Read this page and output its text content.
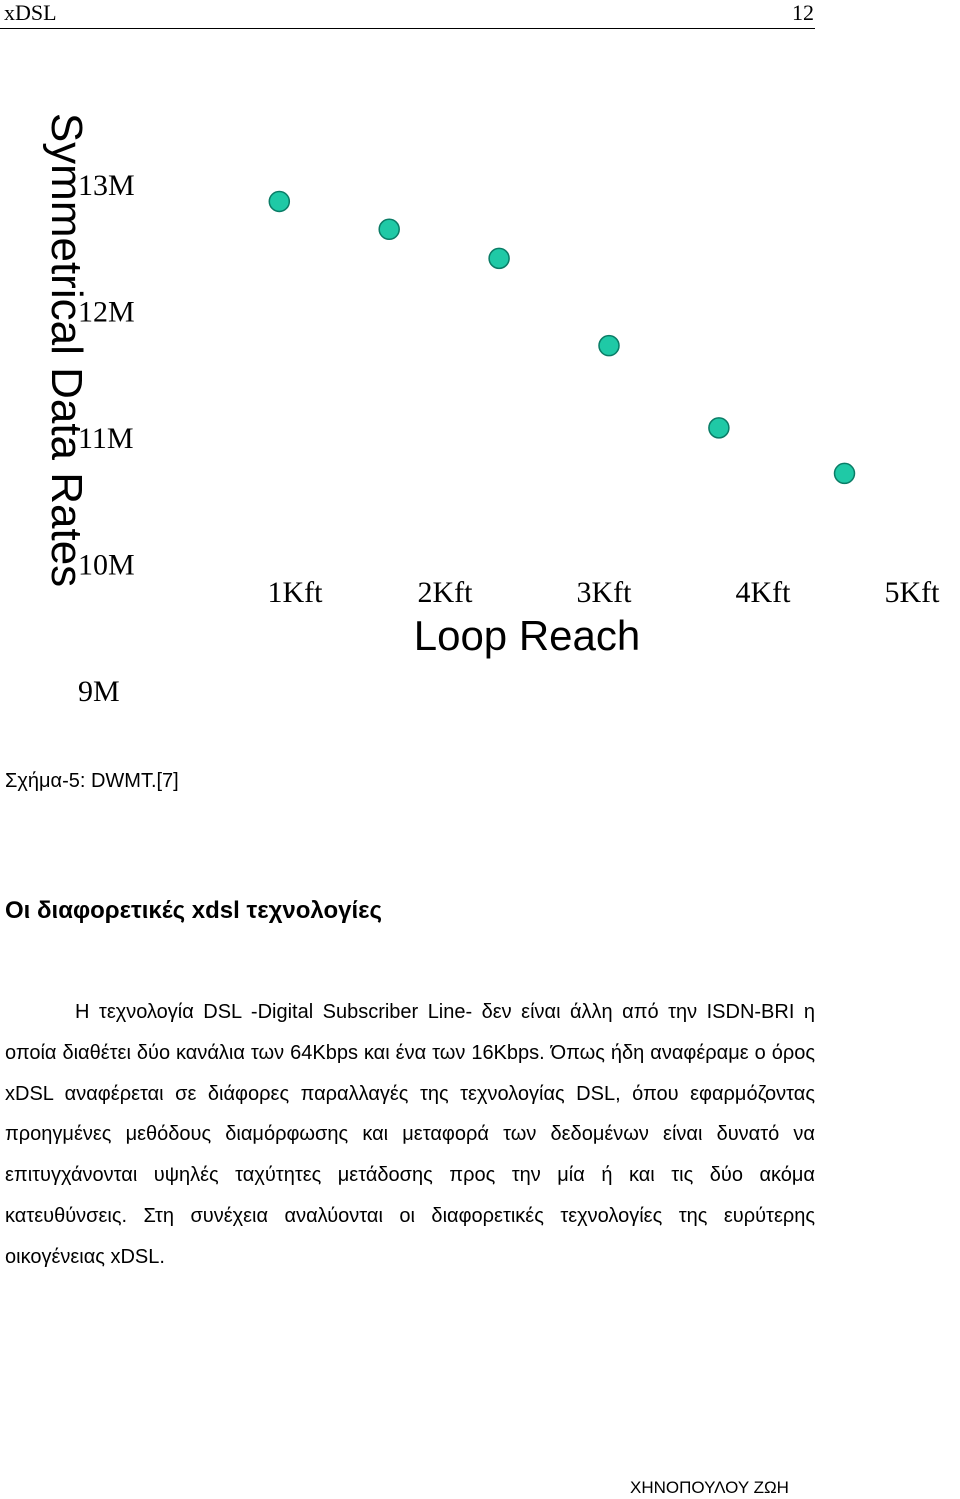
xDSL	12
Symmetrical Data Rates
Loop Reach
13M
12M
11M
10M
9M
1Kft	2Kft	3Kft	4Kft	5Kft
Σχήμα-5: DWMT.[7]
Οι διαφορετικές xdsl τεχνολογίες

Η τεχνολογία DSL -Digital Subscriber Line- δεν είναι άλλη από την ISDN-BRI η οποία διαθέτει δύο κανάλια των 64Kbps και ένα των 16Kbps. Όπως ήδη αναφέραμε ο όρος xDSL αναφέρεται σε διάφορες παραλλαγές της τεχνολογίας DSL, όπου εφαρμόζοντας προηγμένες μεθόδους διαμόρφωσης και μεταφορά των δεδομένων είναι δυνατό να επιτυγχάνονται υψηλές ταχύτητες μετάδοσης προς την μία ή και τις δύο ακόμα κατευθύνσεις. Στη συνέχεια αναλύονται οι διαφορετικές τεχνολογίες της ευρύτερης οικογένειας xDSL.

ΧΗΝΟΠΟΥΛΟΥ ΖΩΗ
